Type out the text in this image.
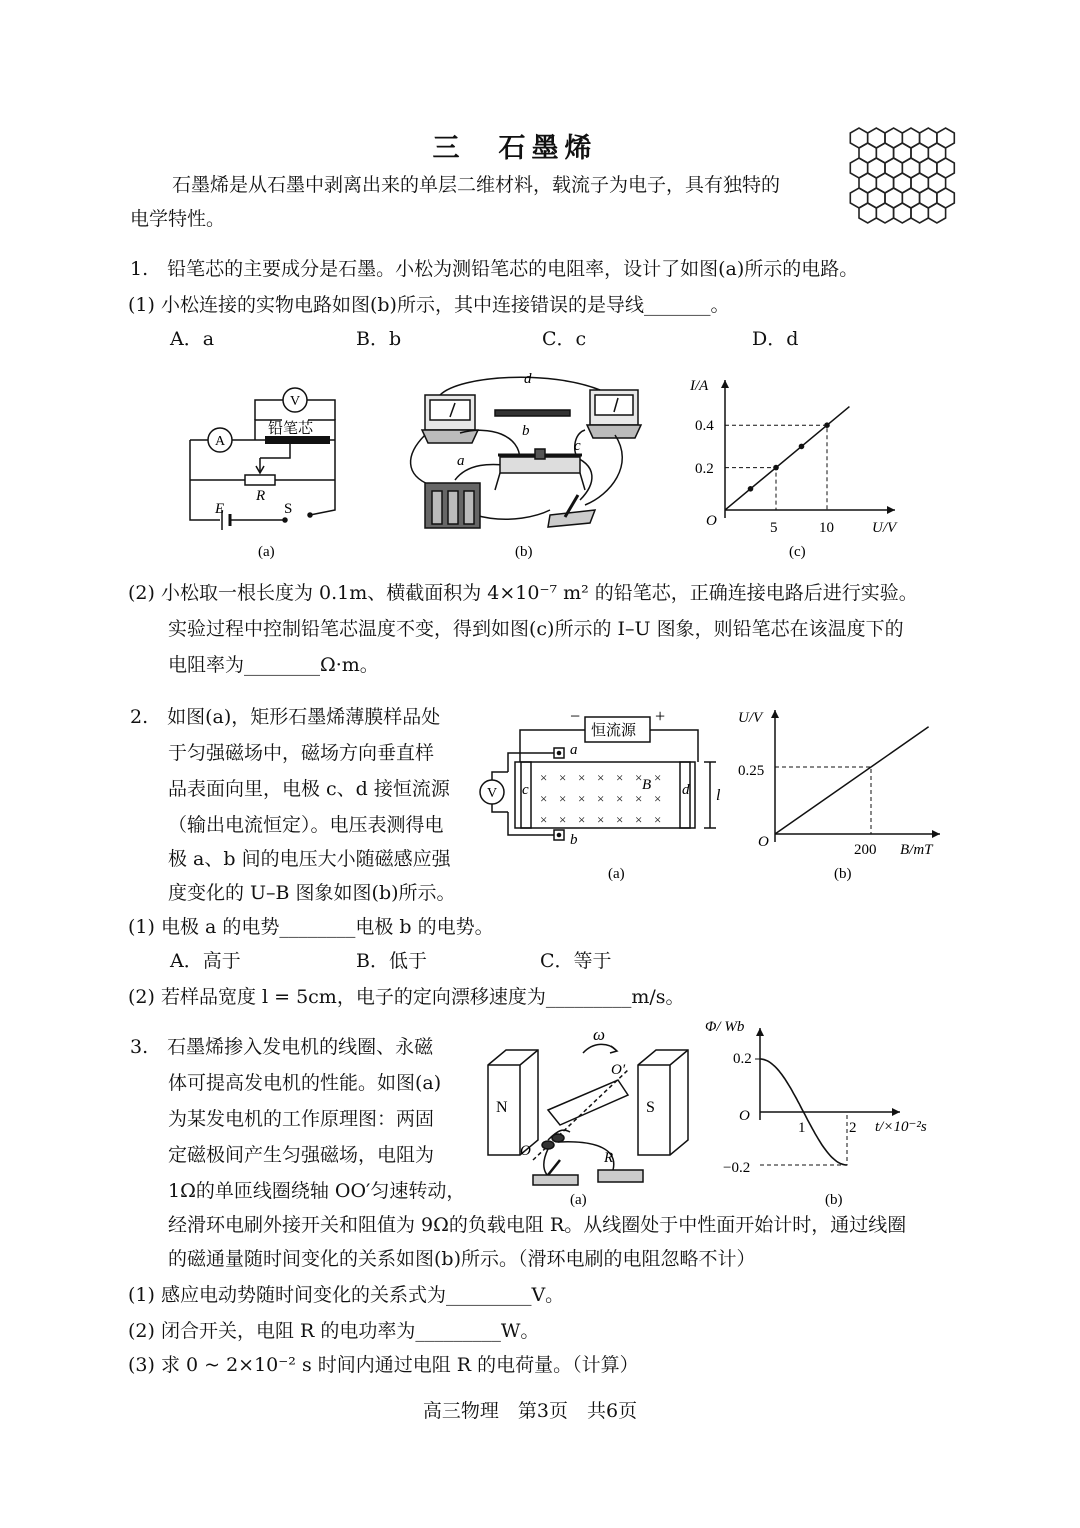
三　 石墨烯
石墨烯是从石墨中剥离出来的单层二维材料，载流子为电子，具有独特的
电学特性。
1.　铅笔芯的主要成分是石墨。小松为测铅笔芯的电阻率，设计了如图(a)所示的电路。
(1) 小松连接的实物电路如图(b)所示，其中连接错误的是导线_______。
A．a	B．b	C．c	D．d
A
V
铅笔芯
R
E	S
(a)
d
b
c
a
(b)
I/A
U/V
O
0.4
0.2
5	10
(c)
(2) 小松取一根长度为 0.1m、横截面积为 4×10⁻⁷ m² 的铅笔芯，正确连接电路后进行实验。
实验过程中控制铅笔芯温度不变，得到如图(c)所示的 I–U 图象，则铅笔芯在该温度下的
电阻率为________Ω·m。
2.　如图(a)，矩形石墨烯薄膜样品处
于匀强磁场中，磁场方向垂直样
品表面向里，电极 c、d 接恒流源
（输出电流恒定）。电压表测得电
极 a、b 间的电压大小随磁感应强
度变化的 U–B 图象如图(b)所示。
× × × × × × ×
× × × × × × ×
× × × × × × ×
恒流源
−	+
a
b
c	d
B
l
V
(a)
U/V
B/mT
O
0.25
200
(b)
(1) 电极 a 的电势________电极 b 的电势。
A．高于	B．低于	C．等于
(2) 若样品宽度 l = 5cm，电子的定向漂移速度为_________m/s。
3.　石墨烯掺入发电机的线圈、永磁
体可提高发电机的性能。如图(a)
为某发电机的工作原理图：两固
定磁极间产生匀强磁场，电阻为
1Ω的单匝线圈绕轴 OO′匀速转动，
N	S
ω
O
O′
R
(a)
Φ/ Wb
t/×10⁻²s
O
0.2
−0.2
1	2
(b)
经滑环电刷外接开关和阻值为 9Ω的负载电阻 R。从线圈处于中性面开始计时，通过线圈
的磁通量随时间变化的关系如图(b)所示。（滑环电刷的电阻忽略不计）
(1) 感应电动势随时间变化的关系式为_________V。
(2) 闭合开关，电阻 R 的电功率为_________W。
(3) 求 0 ~ 2×10⁻² s 时间内通过电阻 R 的电荷量。（计算）
高三物理　第3页　共6页
